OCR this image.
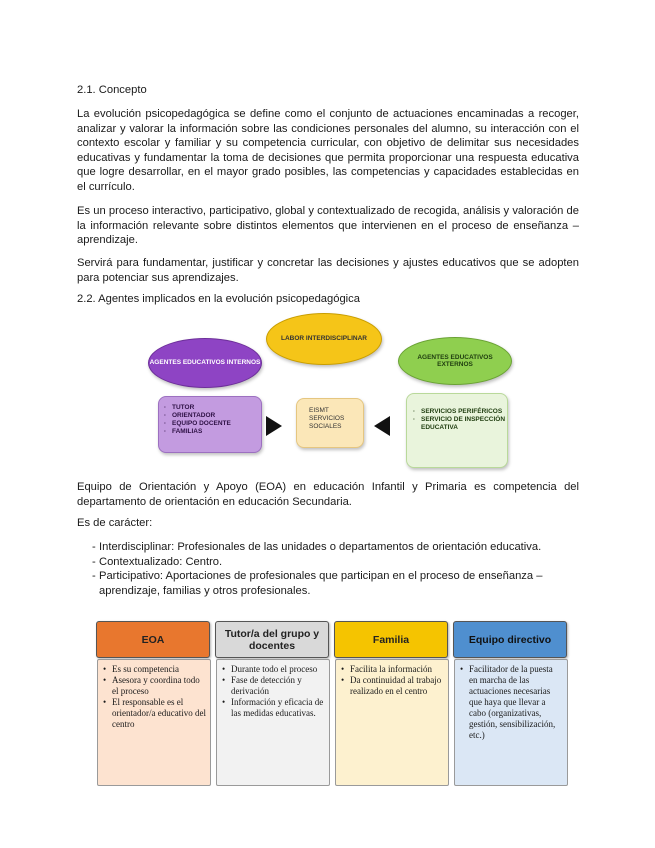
2.1. Concepto

La evolución psicopedagógica se define como el conjunto de actuaciones encaminadas a recoger, analizar y valorar la información sobre las condiciones personales del alumno, su interacción con el contexto escolar y familiar y su competencia curricular, con objetivo de delimitar sus necesidades educativas y fundamentar la toma de decisiones que permita proporcionar una respuesta educativa que logre desarrollar, en el mayor grado posibles, las competencias y capacidades establecidas en el currículo.

Es un proceso interactivo, participativo, global y contextualizado de recogida, análisis y valoración de la información relevante sobre distintos elementos que intervienen en el proceso de enseñanza – aprendizaje.

Servirá para fundamentar, justificar y concretar las decisiones y ajustes educativos que se adopten para potenciar sus aprendizajes.

2.2. Agentes implicados en la evolución psicopedagógica

AGENTES EDUCATIVOS INTERNOS
LABOR INTERDISCIPLINAR
AGENTES EDUCATIVOS EXTERNOS
· TUTOR
· ORIENTADOR
· EQUIPO DOCENTE
· FAMILIAS
EISMT
SERVICIOS
SOCIALES
· SERVICIOS PERIFÉRICOS
· SERVICIO DE INSPECCIÓN EDUCATIVA

Equipo de Orientación y Apoyo (EOA) en educación Infantil y Primaria es competencia del departamento de orientación en educación Secundaria.

Es de carácter:

- Interdisciplinar: Profesionales de las unidades o departamentos de orientación educativa.
- Contextualizado: Centro.
- Participativo: Aportaciones de profesionales que participan en el proceso de enseñanza – aprendizaje, familias y otros profesionales.
EOA
• Es su competencia
• Asesora y coordina todo el proceso
• El responsable es el orientador/a educativo del centro
Tutor/a del grupo y docentes
• Durante todo el proceso
• Fase de detección y derivación
• Información y eficacia de las medidas educativas.
Familia
• Facilita la información
• Da continuidad al trabajo realizado en el centro
Equipo directivo
• Facilitador de la puesta en marcha de las actuaciones necesarias que haya que llevar a cabo (organizativas, gestión, sensibilización, etc.)
